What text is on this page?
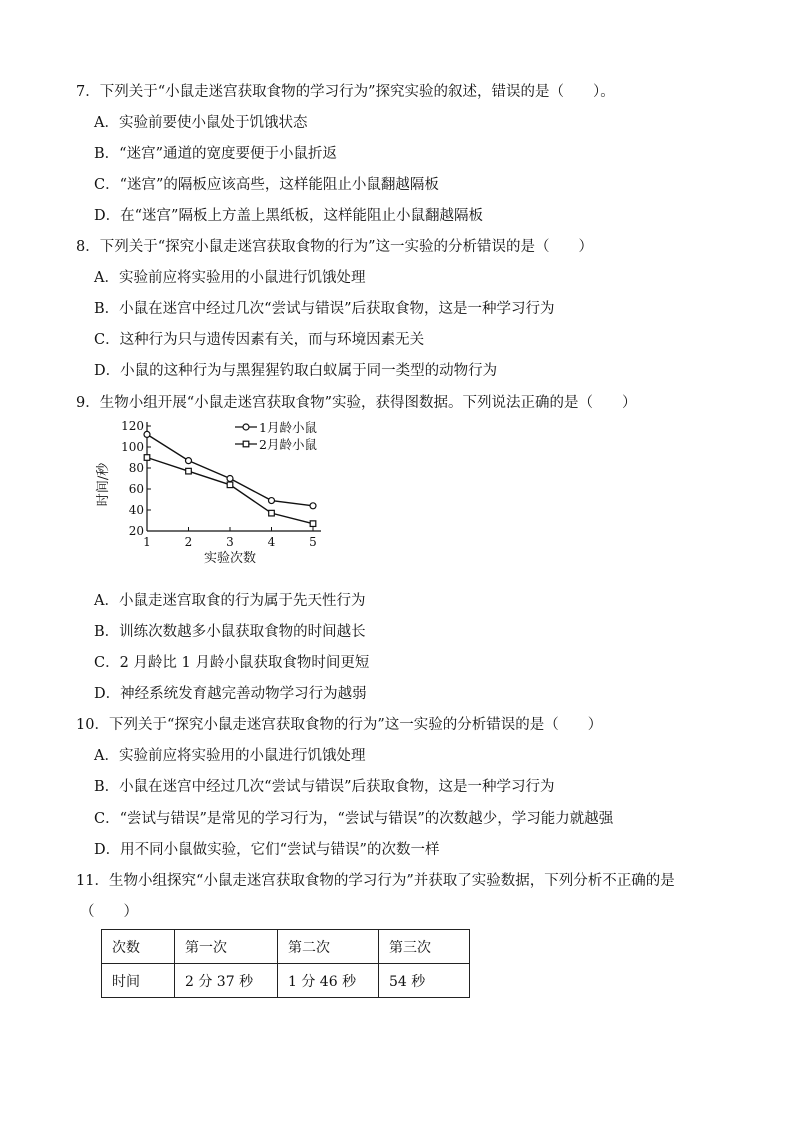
7．下列关于“小鼠走迷宫获取食物的学习行为”探究实验的叙述，错误的是（　　）。
A．实验前要使小鼠处于饥饿状态
B．“迷宫”通道的宽度要便于小鼠折返
C．“迷宫”的隔板应该高些，这样能阻止小鼠翻越隔板
D．在“迷宫”隔板上方盖上黑纸板，这样能阻止小鼠翻越隔板
8．下列关于“探究小鼠走迷宫获取食物的行为”这一实验的分析错误的是（　　）
A．实验前应将实验用的小鼠进行饥饿处理
B．小鼠在迷宫中经过几次“尝试与错误”后获取食物，这是一种学习行为
C．这种行为只与遗传因素有关，而与环境因素无关
D．小鼠的这种行为与黑猩猩钓取白蚁属于同一类型的动物行为
9．生物小组开展“小鼠走迷宫获取食物”实验，获得图数据。下列说法正确的是（　　）
20
40
60
80
100
120
1	2	3	4	5
实验次数
时间/秒
1月龄小鼠
2月龄小鼠
A．小鼠走迷宫取食的行为属于先天性行为
B．训练次数越多小鼠获取食物的时间越长
C．2 月龄比 1 月龄小鼠获取食物时间更短
D．神经系统发育越完善动物学习行为越弱
10．下列关于“探究小鼠走迷宫获取食物的行为”这一实验的分析错误的是（　　）
A．实验前应将实验用的小鼠进行饥饿处理
B．小鼠在迷宫中经过几次“尝试与错误”后获取食物，这是一种学习行为
C．“尝试与错误”是常见的学习行为，“尝试与错误”的次数越少，学习能力就越强
D．用不同小鼠做实验，它们“尝试与错误”的次数一样
11．生物小组探究“小鼠走迷宫获取食物的学习行为”并获取了实验数据，下列分析不正确的是
（　　）
次数	第一次	第二次	第三次
时间	2 分 37 秒	1 分 46 秒	54 秒
